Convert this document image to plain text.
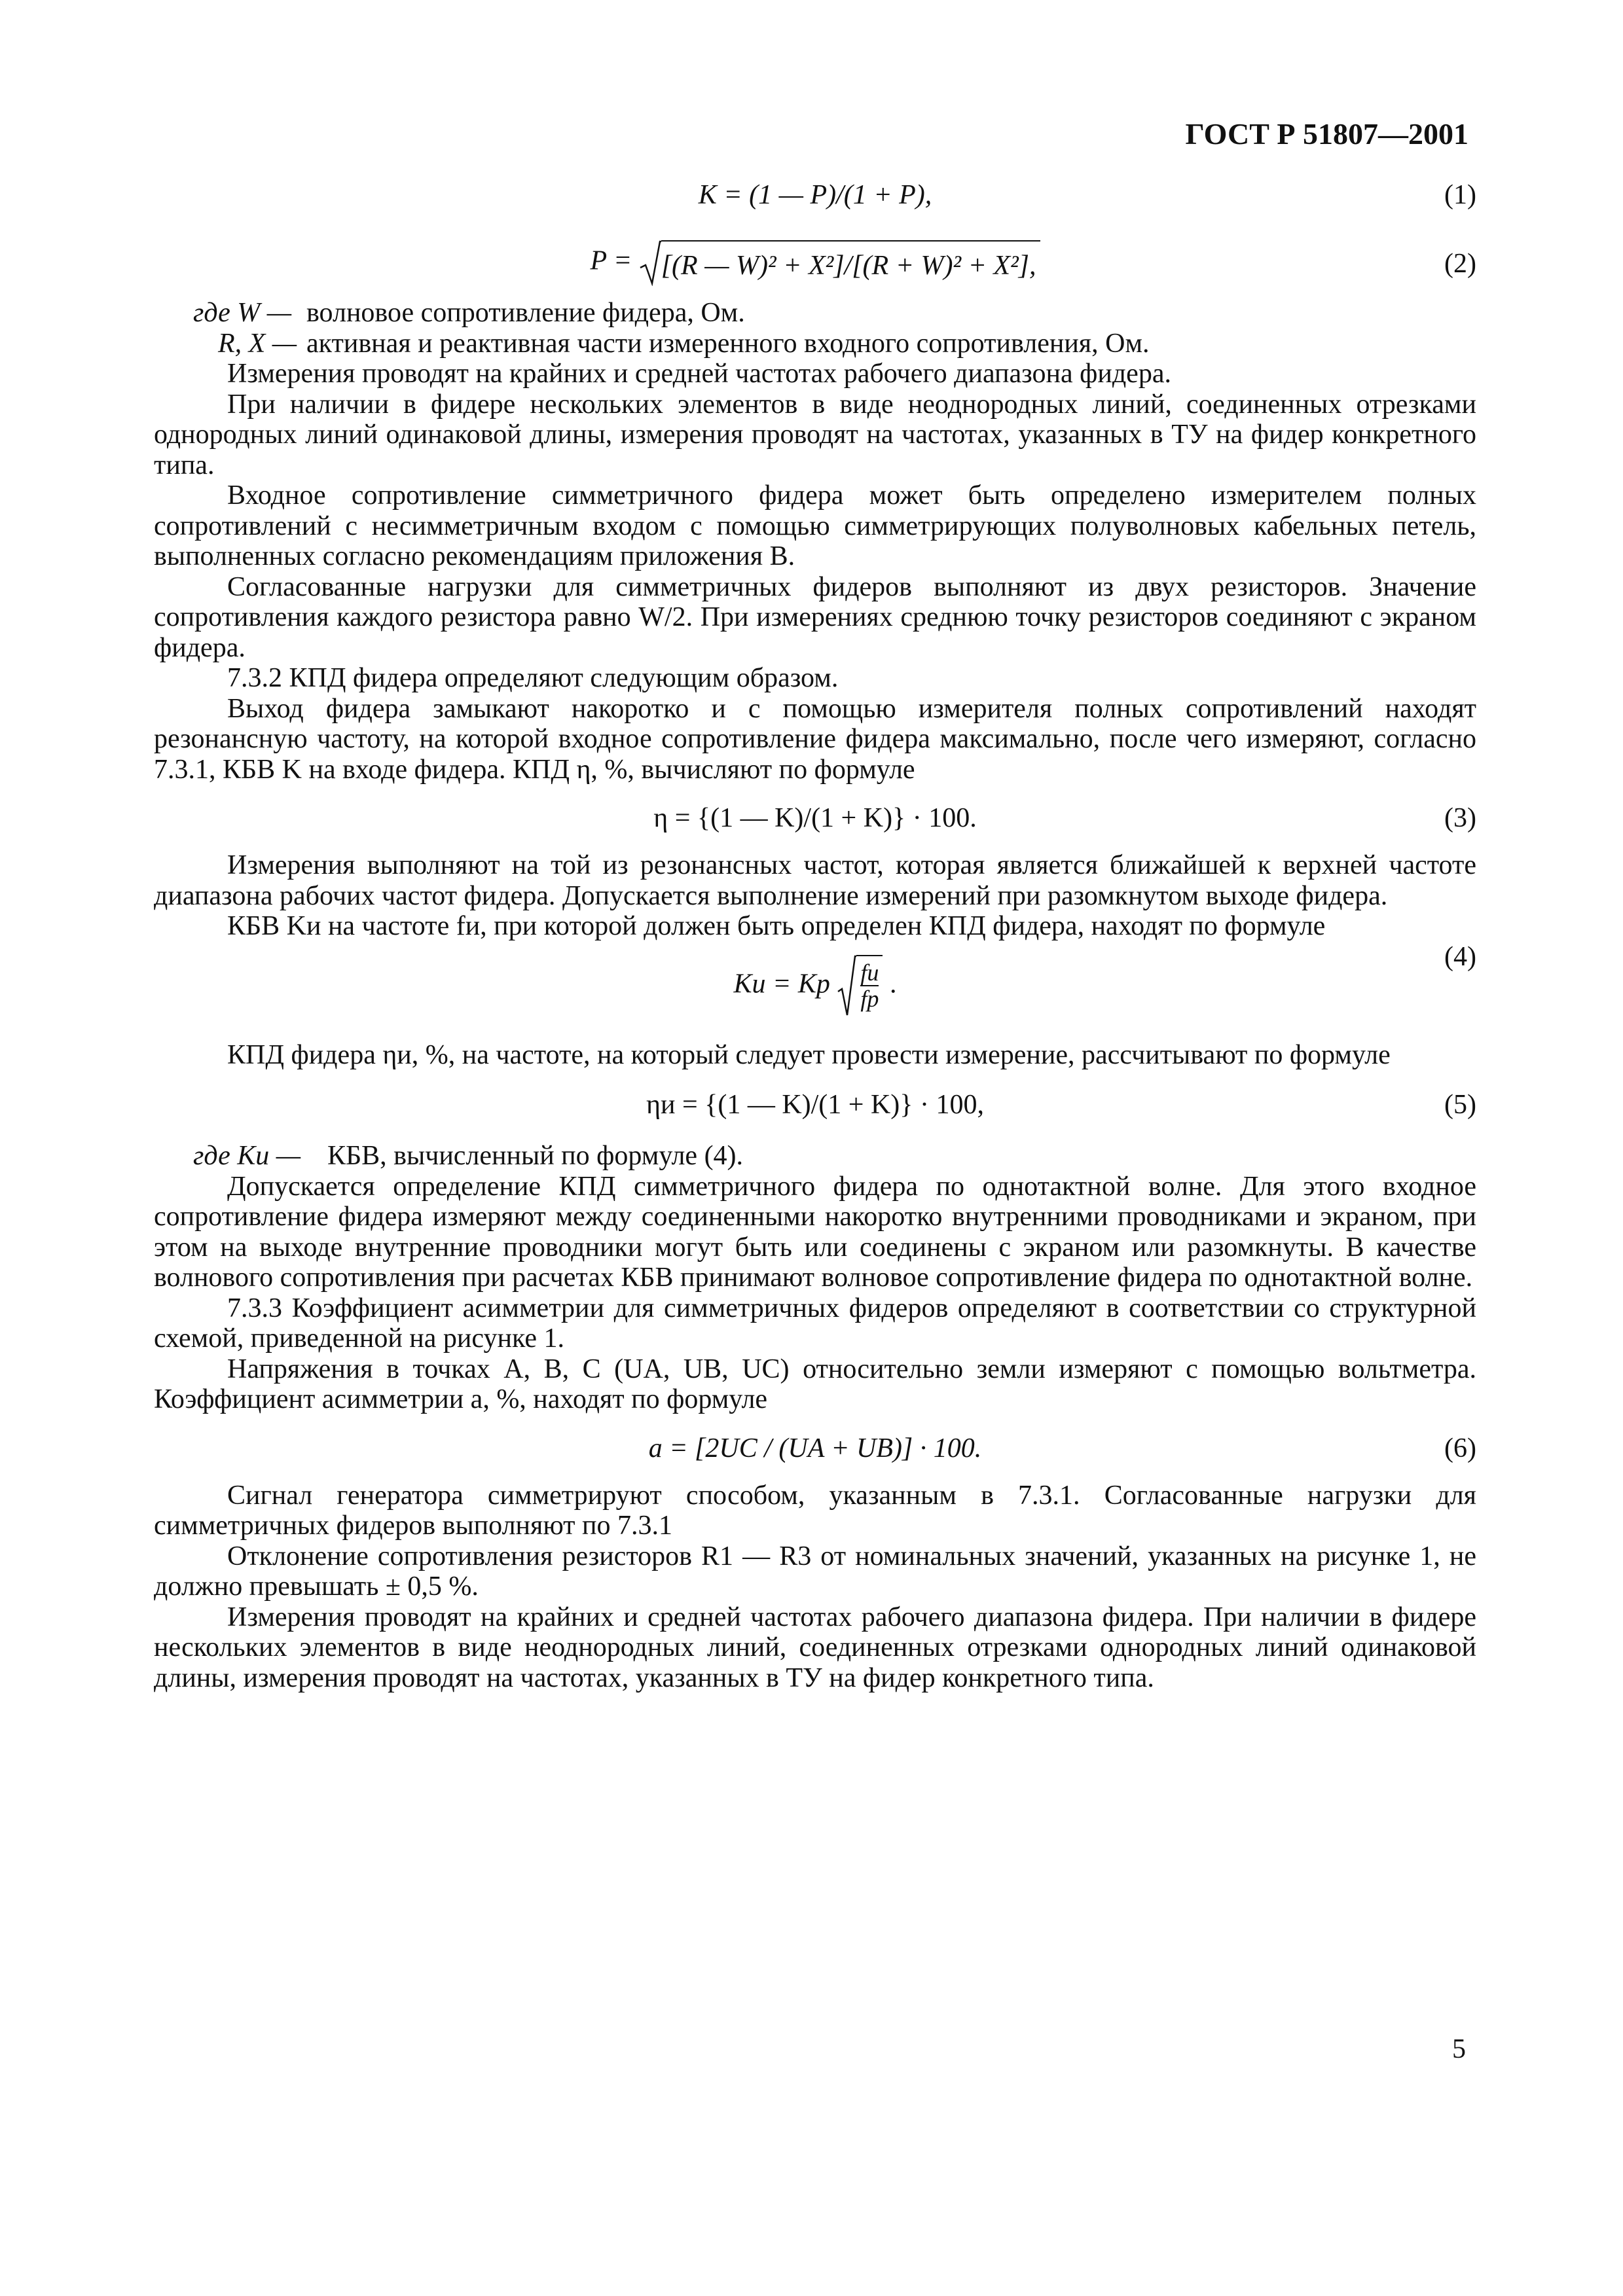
ГОСТ Р 51807—2001
K = (1 — P)/(1 + P),	(1)
P = [(R — W)² + X²]/[(R + W)² + X²],	(2)
где W — волновое сопротивление фидера, Ом.
R, X — активная и реактивная части измеренного входного сопротивления, Ом.

Измерения проводят на крайних и средней частотах рабочего диапазона фидера.

При наличии в фидере нескольких элементов в виде неоднородных линий, соединенных отрезками однородных линий одинаковой длины, измерения проводят на частотах, указанных в ТУ на фидер конкретного типа.

Входное сопротивление симметричного фидера может быть определено измерителем полных сопротивлений с несимметричным входом с помощью симметрирующих полуволновых кабельных петель, выполненных согласно рекомендациям приложения В.

Согласованные нагрузки для симметричных фидеров выполняют из двух резисторов. Значение сопротивления каждого резистора равно W/2. При измерениях среднюю точку резисторов соединяют с экраном фидера.

7.3.2 КПД фидера определяют следующим образом.

Выход фидера замыкают накоротко и с помощью измерителя полных сопротивлений находят резонансную частоту, на которой входное сопротивление фидера максимально, после чего измеряют, согласно 7.3.1, КБВ K на входе фидера. КПД η, %, вычисляют по формуле

η = {(1 — K)/(1 + K)} · 100.	(3)

Измерения выполняют на той из резонансных частот, которая является ближайшей к верхней частоте диапазона рабочих частот фидера. Допускается выполнение измерений при разомкнутом выходе фидера.

КБВ Kи на частоте fи, при которой должен быть определен КПД фидера, находят по формуле

Kи = Kр $\frac{fи}{fр}$ .
(4)

КПД фидера ηи, %, на частоте, на который следует провести измерение, рассчитывают по формуле

ηи = {(1 — K)/(1 + K)} · 100,	(5)
где Kи — КБВ, вычисленный по формуле (4).

Допускается определение КПД симметричного фидера по однотактной волне. Для этого входное сопротивление фидера измеряют между соединенными накоротко внутренними проводниками и экраном, при этом на выходе внутренние проводники могут быть или соединены с экраном или разомкнуты. В качестве волнового сопротивления при расчетах КБВ принимают волновое сопротивление фидера по однотактной волне.

7.3.3 Коэффициент асимметрии для симметричных фидеров определяют в соответствии со структурной схемой, приведенной на рисунке 1.

Напряжения в точках A, B, C (UA, UB, UC) относительно земли измеряют с помощью вольтметра. Коэффициент асимметрии a, %, находят по формуле

a = [2UC / (UA + UB)] · 100.	(6)

Сигнал генератора симметрируют способом, указанным в 7.3.1. Согласованные нагрузки для симметричных фидеров выполняют по 7.3.1

Отклонение сопротивления резисторов R1 — R3 от номинальных значений, указанных на рисунке 1, не должно превышать ± 0,5 %.

Измерения проводят на крайних и средней частотах рабочего диапазона фидера. При наличии в фидере нескольких элементов в виде неоднородных линий, соединенных отрезками однородных линий одинаковой длины, измерения проводят на частотах, указанных в ТУ на фидер конкретного типа.

5
